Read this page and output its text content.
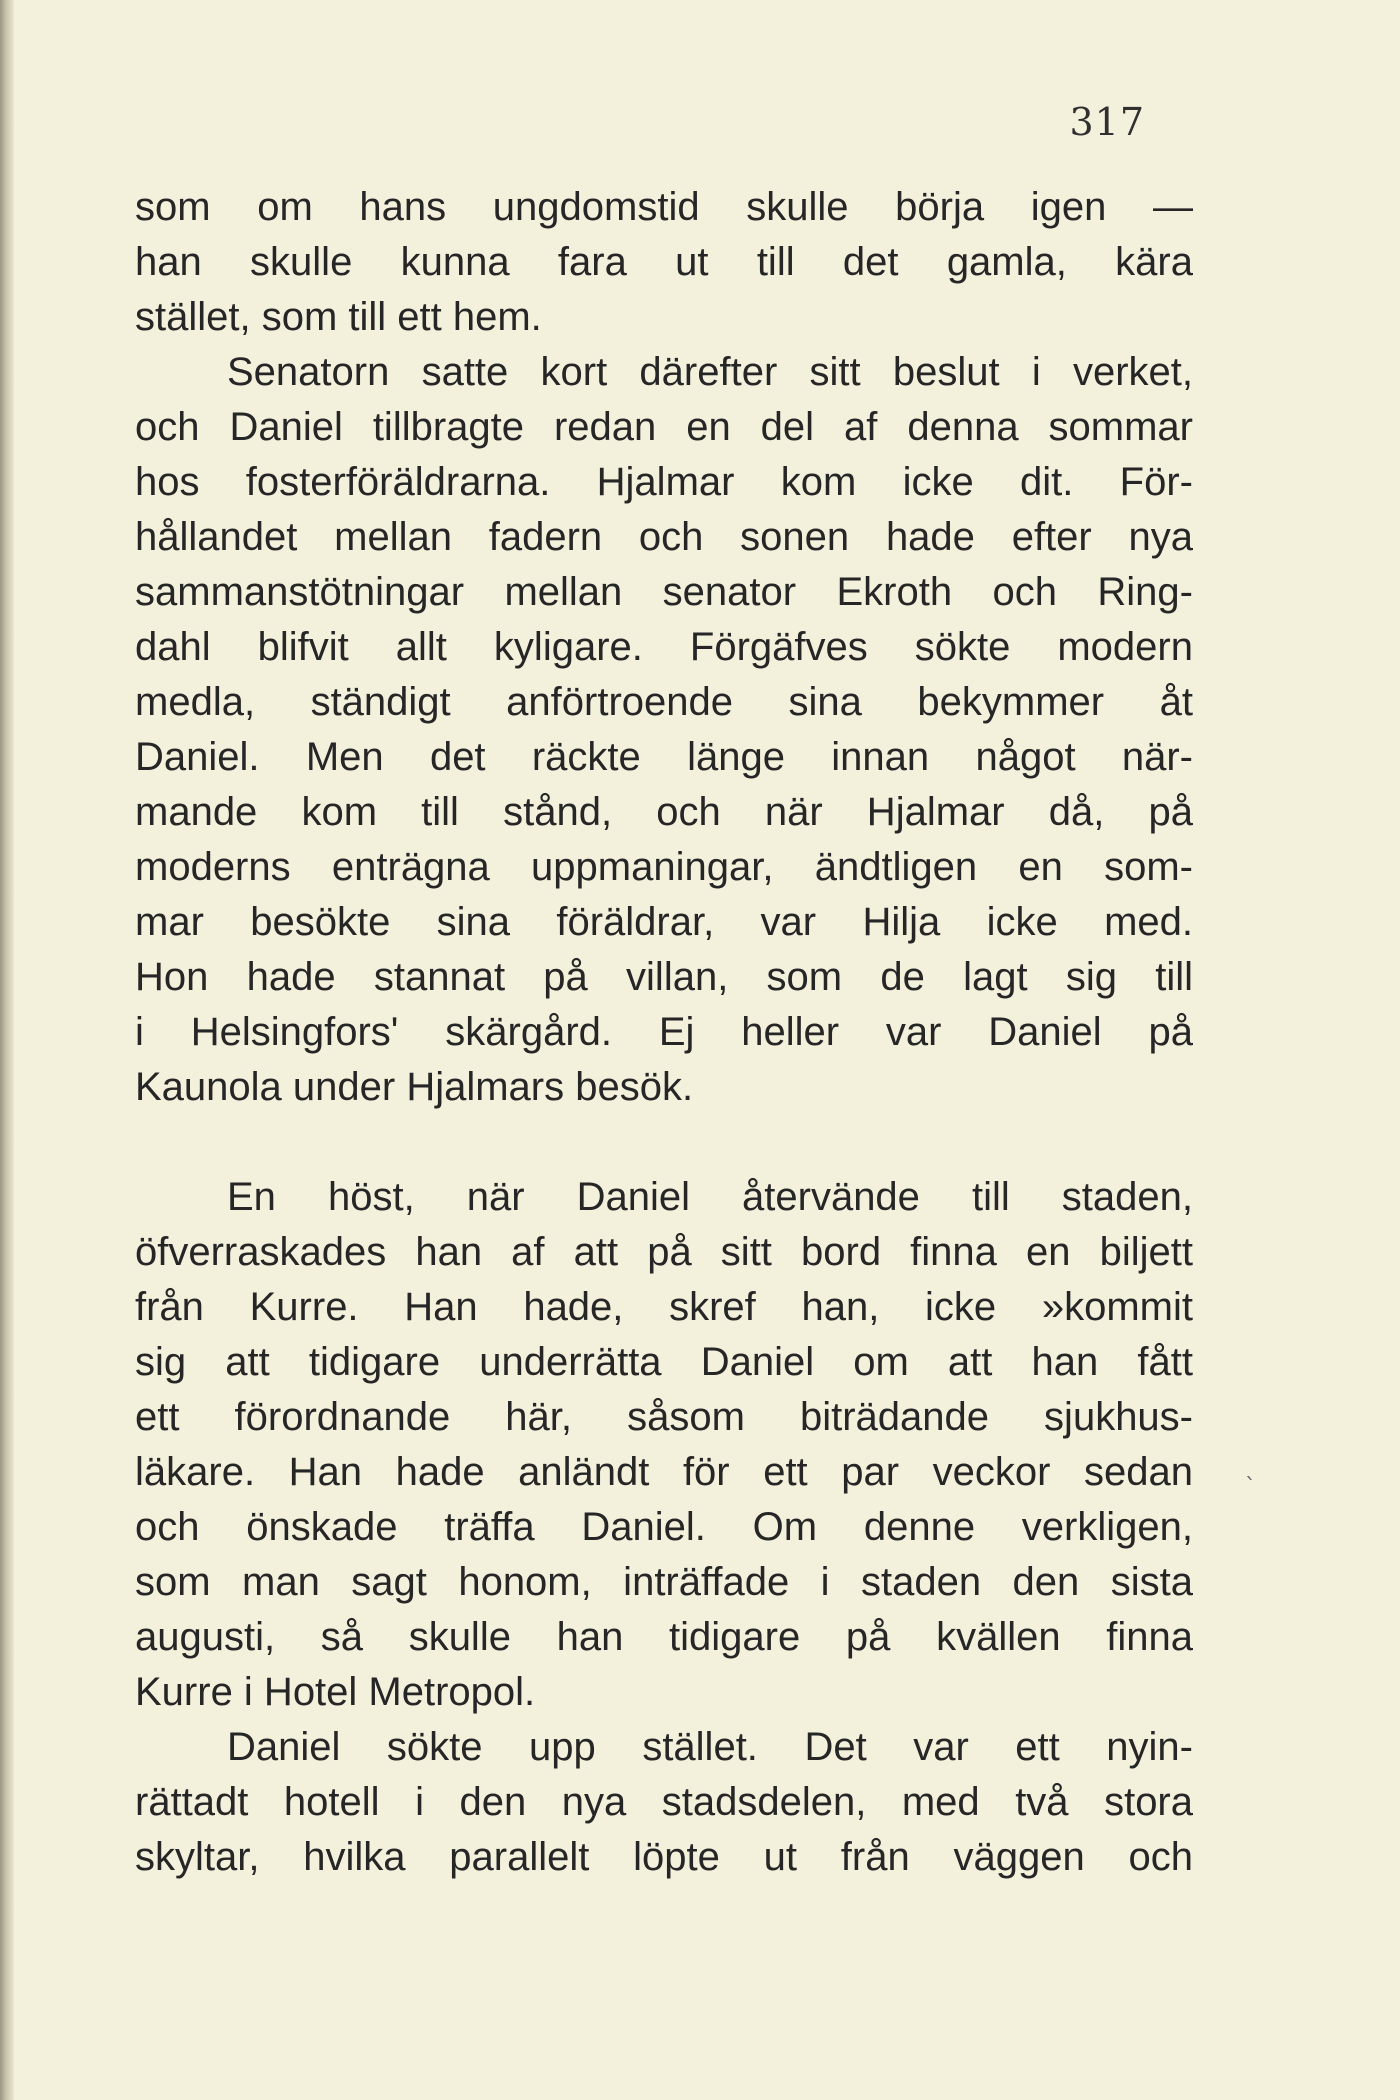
317
som om hans ungdomstid skulle börja igen —
han skulle kunna fara ut till det gamla, kära
stället, som till ett hem.
Senatorn satte kort därefter sitt beslut i verket,
och Daniel tillbragte redan en del af denna sommar
hos fosterföräldrarna. Hjalmar kom icke dit. För-
hållandet mellan fadern och sonen hade efter nya
sammanstötningar mellan senator Ekroth och Ring-
dahl blifvit allt kyligare. Förgäfves sökte modern
medla, ständigt anförtroende sina bekymmer åt
Daniel. Men det räckte länge innan något när-
mande kom till stånd, och när Hjalmar då, på
moderns enträgna uppmaningar, ändtligen en som-
mar besökte sina föräldrar, var Hilja icke med.
Hon hade stannat på villan, som de lagt sig till
i Helsingfors' skärgård. Ej heller var Daniel på
Kaunola under Hjalmars besök.
En höst, när Daniel återvände till staden,
öfverraskades han af att på sitt bord finna en biljett
från Kurre. Han hade, skref han, icke »kommit
sig att tidigare underrätta Daniel om att han fått
ett förordnande här, såsom biträdande sjukhus-
läkare. Han hade anländt för ett par veckor sedan
och önskade träffa Daniel. Om denne verkligen,
som man sagt honom, inträffade i staden den sista
augusti, så skulle han tidigare på kvällen finna
Kurre i Hotel Metropol.
Daniel sökte upp stället. Det var ett nyin-
rättadt hotell i den nya stadsdelen, med två stora
skyltar, hvilka parallelt löpte ut från väggen och
ˋ
